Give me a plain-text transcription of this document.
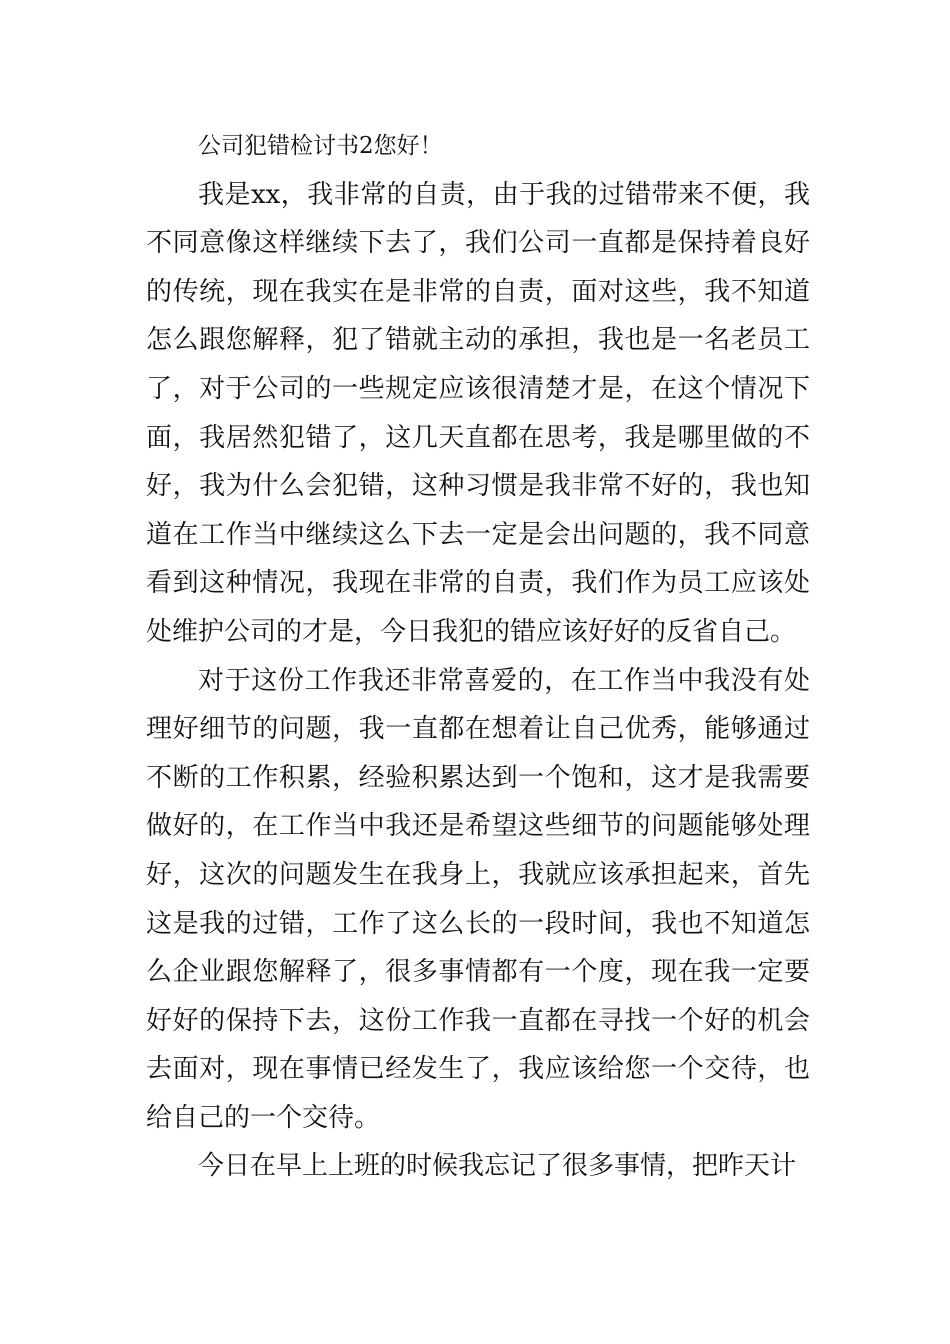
公司犯错检讨书2您好！

我是xx，我非常的自责，由于我的过错带来不便，我不同意像这样继续下去了，我们公司一直都是保持着良好的传统，现在我实在是非常的自责，面对这些，我不知道怎么跟您解释，犯了错就主动的承担，我也是一名老员工了，对于公司的一些规定应该很清楚才是，在这个情况下面，我居然犯错了，这几天直都在思考，我是哪里做的不好，我为什么会犯错，这种习惯是我非常不好的，我也知道在工作当中继续这么下去一定是会出问题的，我不同意看到这种情况，我现在非常的自责，我们作为员工应该处处维护公司的才是，今日我犯的错应该好好的反省自己。

对于这份工作我还非常喜爱的，在工作当中我没有处理好细节的问题，我一直都在想着让自己优秀，能够通过不断的工作积累，经验积累达到一个饱和，这才是我需要做好的，在工作当中我还是希望这些细节的问题能够处理好，这次的问题发生在我身上，我就应该承担起来，首先这是我的过错，工作了这么长的一段时间，我也不知道怎么企业跟您解释了，很多事情都有一个度，现在我一定要好好的保持下去，这份工作我一直都在寻找一个好的机会去面对，现在事情已经发生了，我应该给您一个交待，也给自己的一个交待。

今日在早上上班的时候我忘记了很多事情，把昨天计
